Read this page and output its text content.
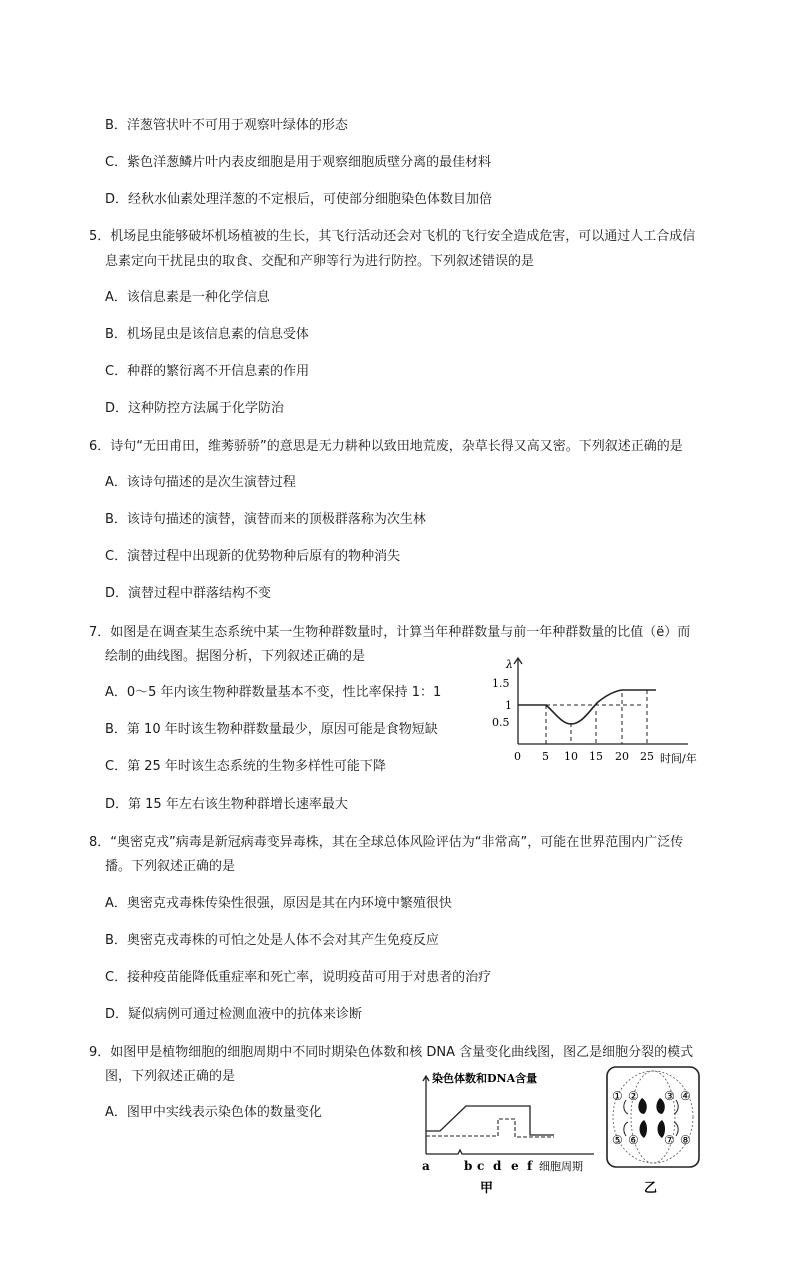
B．洋葱管状叶不可用于观察叶绿体的形态
C．紫色洋葱鳞片叶内表皮细胞是用于观察细胞质壁分离的最佳材料
D．经秋水仙素处理洋葱的不定根后，可使部分细胞染色体数目加倍
5．机场昆虫能够破坏机场植被的生长，其飞行活动还会对飞机的飞行安全造成危害，可以通过人工合成信
息素定向干扰昆虫的取食、交配和产卵等行为进行防控。下列叙述错误的是
A．该信息素是一种化学信息
B．机场昆虫是该信息素的信息受体
C．种群的繁衍离不开信息素的作用
D．这种防控方法属于化学防治
6．诗句“无田甫田，维莠骄骄”的意思是无力耕种以致田地荒废，杂草长得又高又密。下列叙述正确的是
A．该诗句描述的是次生演替过程
B．该诗句描述的演替，演替而来的顶极群落称为次生林
C．演替过程中出现新的优势物种后原有的物种消失
D．演替过程中群落结构不变
7．如图是在调查某生态系统中某一生物种群数量时，计算当年种群数量与前一年种群数量的比值（ë）而
绘制的曲线图。据图分析，下列叙述正确的是
A．0～5 年内该生物种群数量基本不变，性比率保持 1：1
B．第 10 年时该生物种群数量最少，原因可能是食物短缺
C．第 25 年时该生态系统的生物多样性可能下降
D．第 15 年左右该生物种群增长速率最大
λ
1.5
1
0.5
0 5 10 15 20 25 时间/年
8．“奥密克戎”病毒是新冠病毒变异毒株，其在全球总体风险评估为“非常高”，可能在世界范围内广泛传
播。下列叙述正确的是
A．奥密克戎毒株传染性很强，原因是其在内环境中繁殖很快
B．奥密克戎毒株的可怕之处是人体不会对其产生免疫反应
C．接种疫苗能降低重症率和死亡率，说明疫苗可用于对患者的治疗
D．疑似病例可通过检测血液中的抗体来诊断
9．如图甲是植物细胞的细胞周期中不同时期染色体数和核 DNA 含量变化曲线图，图乙是细胞分裂的模式
图，下列叙述正确的是
A．图甲中实线表示染色体的数量变化
染色体数和DNA含量
a	b c d e f 细胞周期
甲
① ② ③ ④
⑤ ⑥ ⑦ ⑧
乙
